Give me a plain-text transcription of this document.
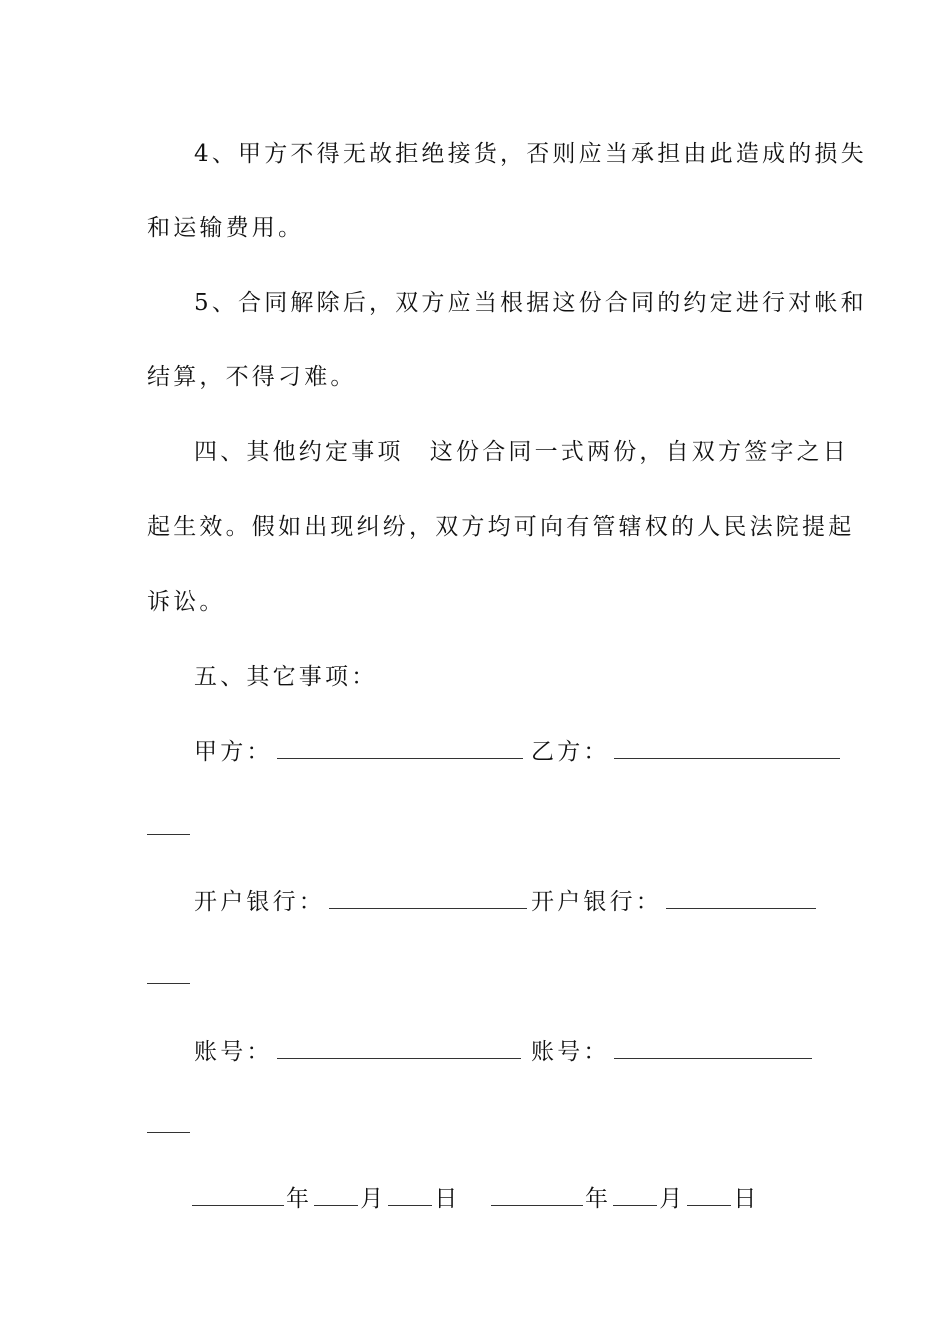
4、甲方不得无故拒绝接货，否则应当承担由此造成的损失
和运输费用。
5、合同解除后，双方应当根据这份合同的约定进行对帐和
结算，不得刁难。
四、其他约定事项　这份合同一式两份，自双方签字之日
起生效。假如出现纠纷，双方均可向有管辖权的人民法院提起
诉讼。
五、其它事项：
甲方：	乙方：
开户银行：	开户银行：
账号：	账号：
年 月 日	年 月 日
